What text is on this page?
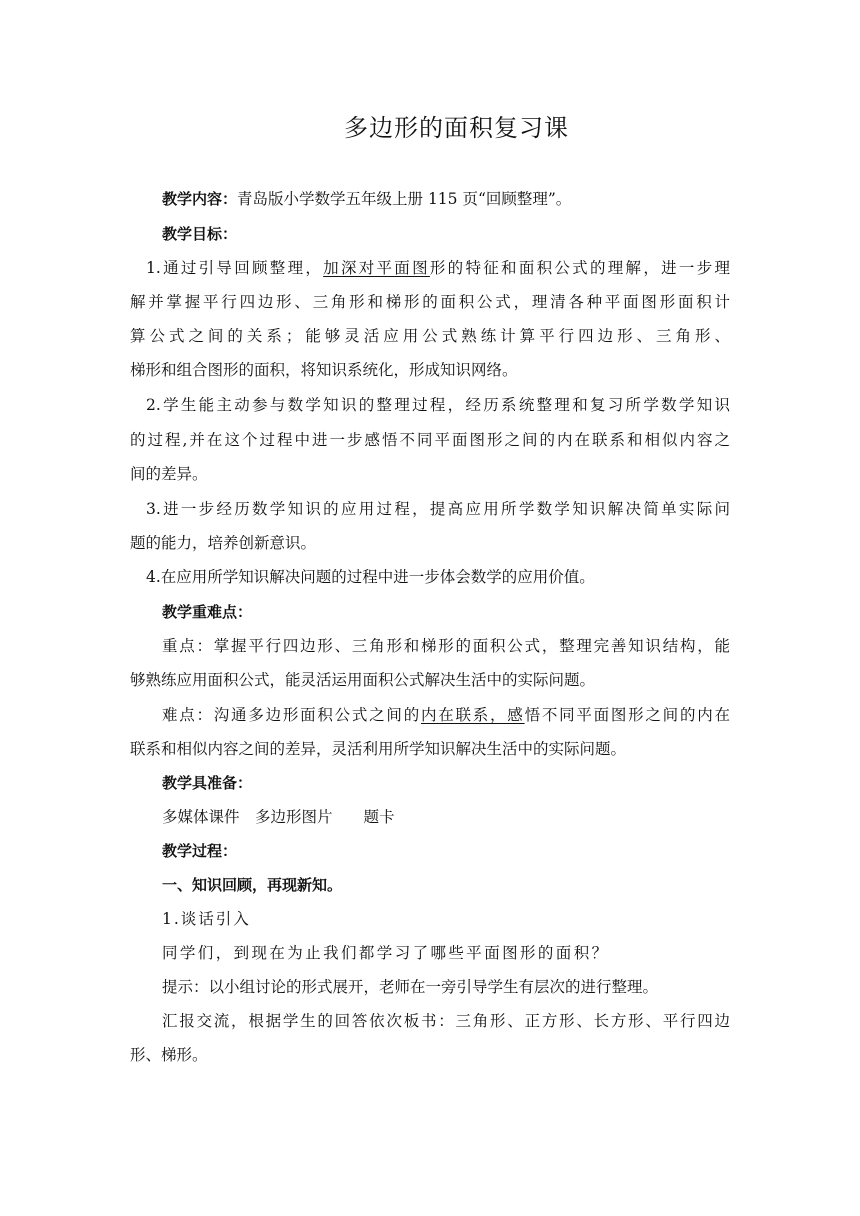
多边形的面积复习课
教学内容：青岛版小学数学五年级上册 115 页“回顾整理”。
教学目标：
1.通过引导回顾整理，加深对平面图形的特征和面积公式的理解，进一步理
解并掌握平行四边形、三角形和梯形的面积公式，理清各种平面图形面积计
算公式之间的关系；能够灵活应用公式熟练计算平行四边形、三角形、
梯形和组合图形的面积，将知识系统化，形成知识网络。
2.学生能主动参与数学知识的整理过程，经历系统整理和复习所学数学知识
的过程,并在这个过程中进一步感悟不同平面图形之间的内在联系和相似内容之
间的差异。
3.进一步经历数学知识的应用过程，提高应用所学数学知识解决简单实际问
题的能力，培养创新意识。
4.在应用所学知识解决问题的过程中进一步体会数学的应用价值。
教学重难点：
重点：掌握平行四边形、三角形和梯形的面积公式，整理完善知识结构，能
够熟练应用面积公式，能灵活运用面积公式解决生活中的实际问题。
难点：沟通多边形面积公式之间的内在联系，感悟不同平面图形之间的内在
联系和相似内容之间的差异，灵活利用所学知识解决生活中的实际问题。
教学具准备：
多媒体课件　多边形图片　　题卡
教学过程：
一、知识回顾，再现新知。
1.谈话引入
同学们，到现在为止我们都学习了哪些平面图形的面积？
提示：以小组讨论的形式展开，老师在一旁引导学生有层次的进行整理。
汇报交流，根据学生的回答依次板书：三角形、正方形、长方形、平行四边
形、梯形。
